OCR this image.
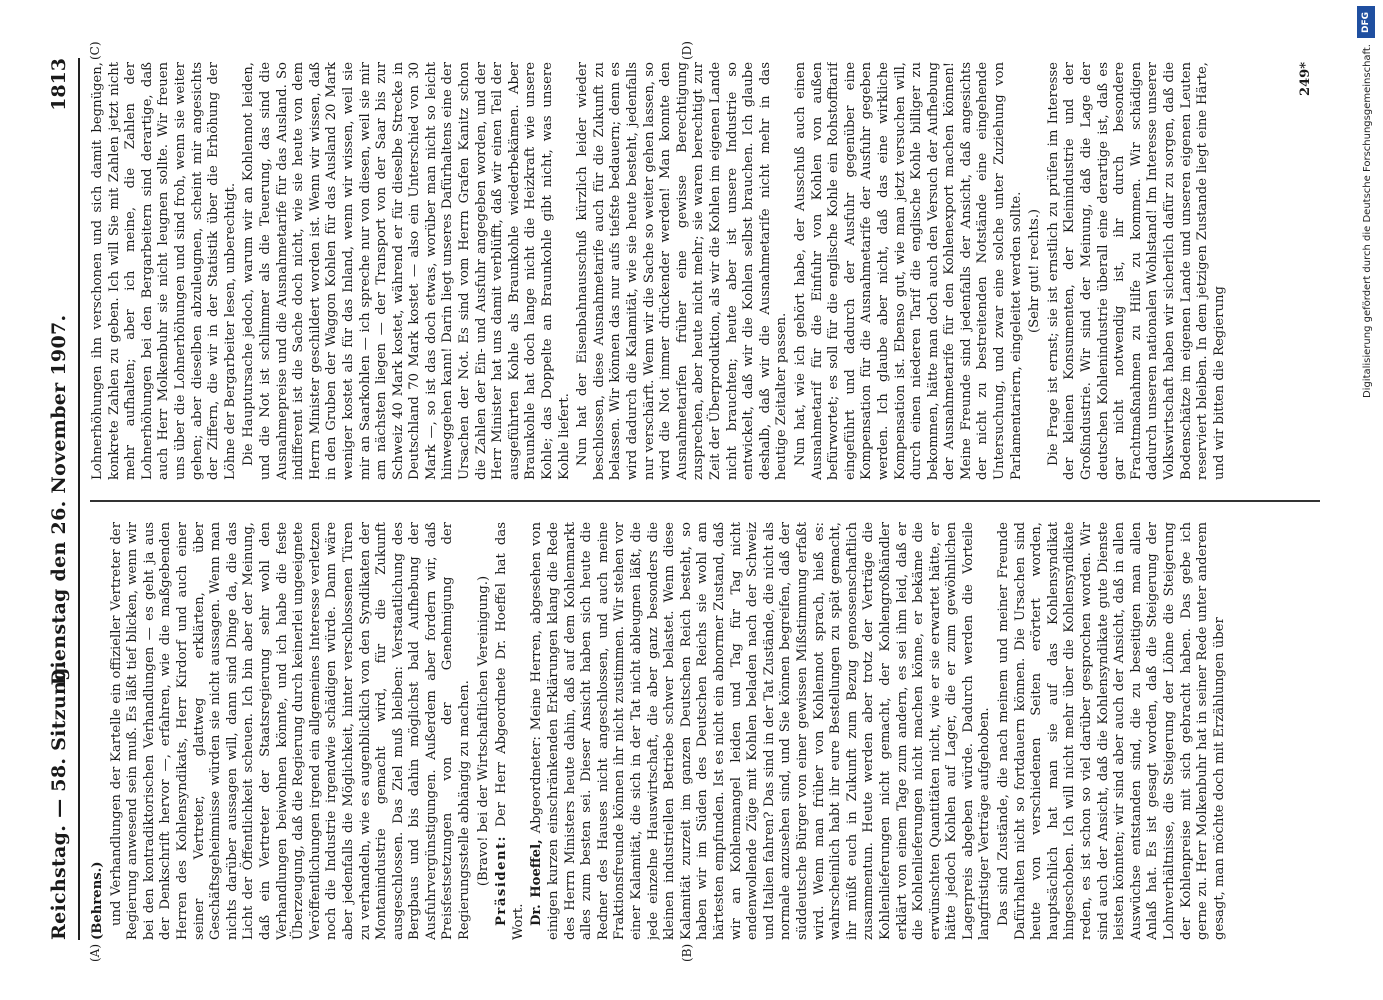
Reichstag. — 58. Sitzung.
Dienstag den 26. November 1907.
1813
(A)	(B)
(C)	(D)

(Behrens.) und Verhandlungen der Kartelle ein offizieller Vertreter der Regierung anwesend sein muß. Es läßt tief blicken, wenn wir bei den kontradiktorischen Verhandlungen — es geht ja aus der Denkschrift hervor —, erfahren, wie die maßgebenden Herren des Kohlensyndikats, Herr Kirdorf und auch einer seiner Vertreter, glattweg erklärten, über Geschäftsgeheimnisse würden sie nicht aussagen. Wenn man nichts darüber aussagen will, dann sind Dinge da, die das Licht der Öffentlichkeit scheuen. Ich bin aber der Meinung, daß ein Vertreter der Staatsregierung sehr wohl den Verhandlungen beiwohnen könnte, und ich habe die feste Überzeugung, daß die Regierung durch keinerlei ungeeignete Veröffentlichungen irgend ein allgemeines Interesse verletzen noch die Industrie irgendwie schädigen würde. Dann wäre aber jedenfalls die Möglichkeit, hinter verschlossenen Türen zu verhandeln, wie es augenblicklich von den Syndikaten der Montanindustrie gemacht wird, für die Zukunft ausgeschlossen. Das Ziel muß bleiben: Verstaatlichung des Bergbaus und bis dahin möglichst bald Aufhebung der Ausfuhrvergünstigungen. Außerdem aber fordern wir, daß Preisfestsetzungen von der Genehmigung der Regierungsstelle abhängig zu machen. (Bravo! bei der Wirtschaftlichen Vereinigung.) Präsident: Der Herr Abgeordnete Dr. Hoeffel hat das Wort. Dr. Hoeffel, Abgeordneter: Meine Herren, abgesehen von einigen kurzen einschränkenden Erklärungen klang die Rede des Herrn Ministers heute dahin, daß auf dem Kohlenmarkt alles zum besten sei. Dieser Ansicht haben sich heute die Redner des Hauses nicht angeschlossen, und auch meine Fraktionsfreunde können ihr nicht zustimmen. Wir stehen vor einer Kalamität, die sich in der Tat nicht ableugnen läßt, die jede einzelne Hauswirtschaft, die aber ganz besonders die kleinen industriellen Betriebe schwer belastet. Wenn diese Kalamität zurzeit im ganzen Deutschen Reich besteht, so haben wir im Süden des Deutschen Reichs sie wohl am härtesten empfunden. Ist es nicht ein abnormer Zustand, daß wir an Kohlenmangel leiden und Tag für Tag nicht endenwollende Züge mit Kohlen beladen nach der Schweiz und Italien fahren? Das sind in der Tat Zustände, die nicht als normale anzusehen sind, und Sie können begreifen, daß der süddeutsche Bürger von einer gewissen Mißstimmung erfaßt wird. Wenn man früher von Kohlennot sprach, hieß es: wahrscheinlich habt ihr eure Bestellungen zu spät gemacht, ihr müßt euch in Zukunft zum Bezug genossenschaftlich zusammentun. Heute werden aber trotz der Verträge die Kohlenlieferungen nicht gemacht, der Kohlengroßhändler erklärt von einem Tage zum andern, es sei ihm leid, daß er die Kohlenlieferungen nicht machen könne, er bekäme die erwünschten Quantitäten nicht, wie er sie erwartet hätte, er hätte jedoch Kohlen auf Lager, die er zum gewöhnlichen Lagerpreis abgeben würde. Dadurch werden die Vorteile langfristiger Verträge aufgehoben. Das sind Zustände, die nach meinem und meiner Freunde Dafürhalten nicht so fortdauern können. Die Ursachen sind heute von verschiedenen Seiten erörtert worden, hauptsächlich hat man sie auf das Kohlensyndikat hingeschoben. Ich will nicht mehr über die Kohlensyndikate reden, es ist schon so viel darüber gesprochen worden. Wir sind auch der Ansicht, daß die Kohlensyndikate gute Dienste leisten könnten; wir sind aber auch der Ansicht, daß in allen Auswüchse entstanden sind, die zu beseitigen man allen Anlaß hat. Es ist gesagt worden, daß die Steigerung der Lohnverhältnisse, die Steigerung der Löhne die Steigerung der Kohlenpreise mit sich gebracht haben. Das gebe ich gerne zu. Herr Molkenbuhr hat in seiner Rede unter anderem gesagt, man möchte doch mit Erzählungen über

Lohnerhöhungen ihn verschonen und sich damit begnügen, konkrete Zahlen zu geben. Ich will Sie mit Zahlen jetzt nicht mehr aufhalten; aber ich meine, die Zahlen der Lohnerhöhungen bei den Bergarbeitern sind derartige, daß auch Herr Molkenbuhr sie nicht leugnen sollte. Wir freuen uns über die Lohnerhöhungen und sind froh, wenn sie weiter gehen; aber dieselben abzuleugnen, scheint mir angesichts der Ziffern, die wir in der Statistik über die Erhöhung der Löhne der Bergarbeiter lesen, unberechtigt. Die Hauptursache jedoch, warum wir an Kohlennot leiden, und die Not ist schlimmer als die Teuerung, das sind die Ausnahmepreise und die Ausnahmetarife für das Ausland. So indifferent ist die Sache doch nicht, wie sie heute von dem Herrn Minister geschildert worden ist. Wenn wir wissen, daß in den Gruben der Waggon Kohlen für das Ausland 20 Mark weniger kostet als für das Inland, wenn wir wissen, weil sie mir an Saarkohlen — ich spreche nur von diesen, weil sie mir am nächsten liegen — der Transport von der Saar bis zur Schweiz 40 Mark kostet, während er für dieselbe Strecke in Deutschland 70 Mark kostet — also ein Unterschied von 30 Mark —, so ist das doch etwas, worüber man nicht so leicht hinweggehen kann! Darin liegt unseres Dafürhaltens eine der Ursachen der Not. Es sind vom Herrn Grafen Kanitz schon die Zahlen der Ein- und Ausfuhr angegeben worden, und der Herr Minister hat uns damit verblüfft, daß wir einen Teil der ausgeführten Kohle als Braunkohle wiederbekämen. Aber Braunkohle hat doch lange nicht die Heizkraft wie unsere Kohle; das Doppelte an Braunkohle gibt nicht, was unsere Kohle liefert. Nun hat der Eisenbahnausschuß kürzlich leider wieder beschlossen, diese Ausnahmetarife auch für die Zukunft zu belassen. Wir können das nur aufs tiefste bedauern; denn es wird dadurch die Kalamität, wie sie heute besteht, jedenfalls nur verschärft. Wenn wir die Sache so weiter gehen lassen, so wird die Not immer drückender werden! Man konnte den Ausnahmetarifen früher eine gewisse Berechtigung zusprechen, aber heute nicht mehr; sie waren berechtigt zur Zeit der Überproduktion, als wir die Kohlen im eigenen Lande nicht brauchten; heute aber ist unsere Industrie so entwickelt, daß wir die Kohlen selbst brauchen. Ich glaube deshalb, daß wir die Ausnahmetarife nicht mehr in das heutige Zeitalter passen. Nun hat, wie ich gehört habe, der Ausschuß auch einen Ausnahmetarif für die Einfuhr von Kohlen von außen befürwortet; es soll für die englische Kohle ein Rohstofftarif eingeführt und dadurch der Ausfuhr gegenüber eine Kompensation für die Ausnahmetarife der Ausfuhr gegeben werden. Ich glaube aber nicht, daß das eine wirkliche Kompensation ist. Ebenso gut, wie man jetzt versuchen will, durch einen niederen Tarif die englische Kohle billiger zu bekommen, hätte man doch auch den Versuch der Aufhebung der Ausnahmetarife für den Kohlenexport machen können! Meine Freunde sind jedenfalls der Ansicht, daß angesichts der nicht zu bestreitenden Notstände eine eingehende Untersuchung, und zwar eine solche unter Zuziehung von Parlamentariern, eingeleitet werden sollte. (Sehr gut! rechts.) Die Frage ist ernst; sie ist ernstlich zu prüfen im Interesse der kleinen Konsumenten, der Kleinindustrie und der Großindustrie. Wir sind der Meinung, daß die Lage der deutschen Kohlenindustrie überall eine derartige ist, daß es gar nicht notwendig ist, ihr durch besondere Frachtmaßnahmen zu Hilfe zu kommen. Wir schädigen dadurch unseren nationalen Wohlstand! Im Interesse unserer Volkswirtschaft haben wir sicherlich dafür zu sorgen, daß die Bodenschätze im eigenen Lande und unseren eigenen Leuten reserviert bleiben. In dem jetzigen Zustande liegt eine Härte, und wir bitten die Regierung

249*
DFG
Digitalisierung gefördert durch die Deutsche Forschungsgemeinschaft.
